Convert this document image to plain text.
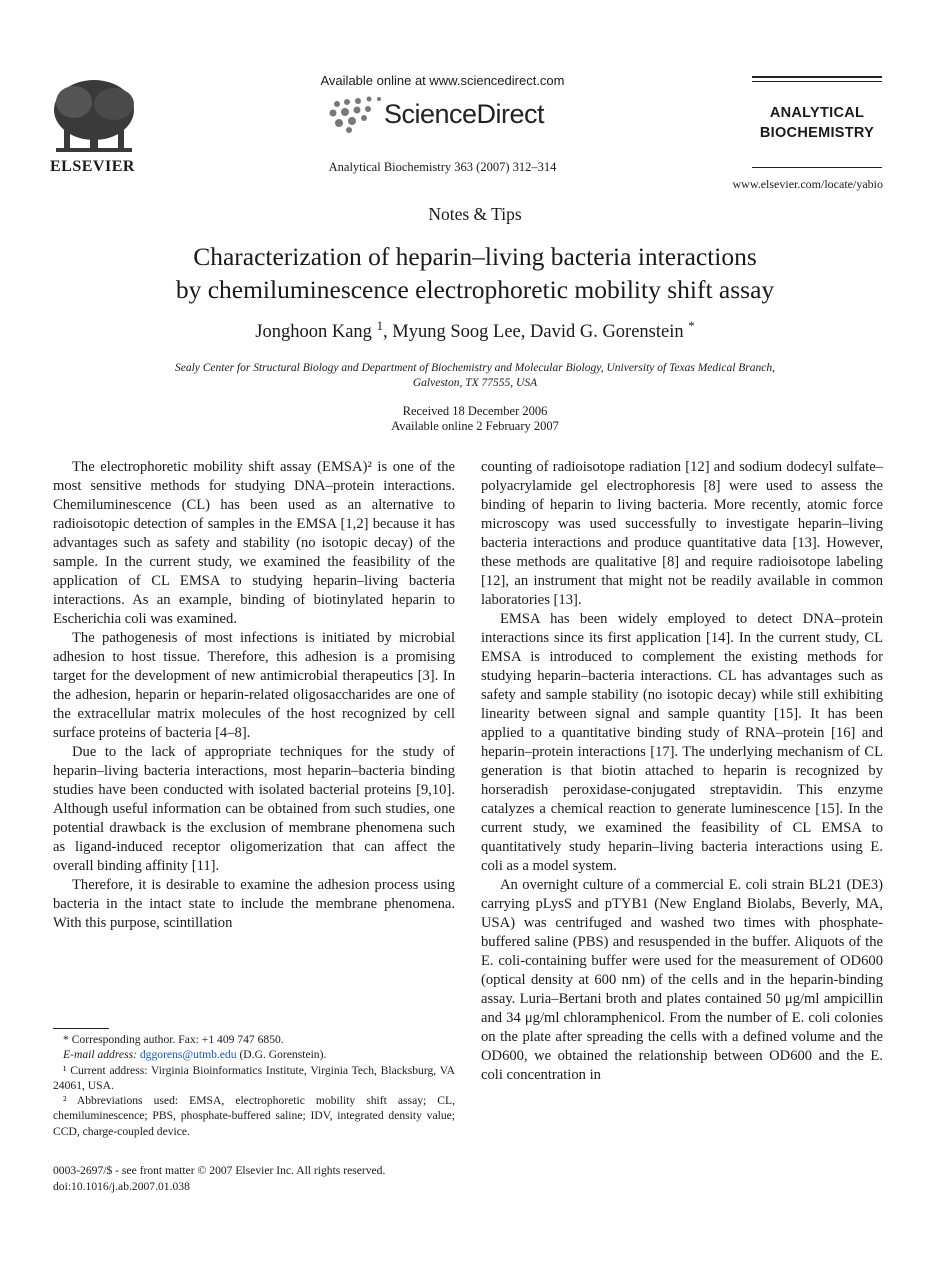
ELSEVIER
Available online at www.sciencedirect.com
ScienceDirect
Analytical Biochemistry 363 (2007) 312–314
ANALYTICAL
BIOCHEMISTRY
www.elsevier.com/locate/yabio
Notes & Tips
Characterization of heparin–living bacteria interactions
by chemiluminescence electrophoretic mobility shift assay
Jonghoon Kang $^1$, Myung Soog Lee, David G. Gorenstein *
Sealy Center for Structural Biology and Department of Biochemistry and Molecular Biology, University of Texas Medical Branch,
Galveston, TX 77555, USA
Received 18 December 2006
Available online 2 February 2007

The electrophoretic mobility shift assay (EMSA)² is one of the most sensitive methods for studying DNA–protein interactions. Chemiluminescence (CL) has been used as an alternative to radioisotopic detection of samples in the EMSA [1,2] because it has advantages such as safety and stability (no isotopic decay) of the sample. In the current study, we examined the feasibility of the application of CL EMSA to studying heparin–living bacteria interactions. As an example, binding of biotinylated heparin to Escherichia coli was examined.

The pathogenesis of most infections is initiated by microbial adhesion to host tissue. Therefore, this adhesion is a promising target for the development of new antimicrobial therapeutics [3]. In the adhesion, heparin or heparin-related oligosaccharides are one of the extracellular matrix molecules of the host recognized by cell surface proteins of bacteria [4–8].

Due to the lack of appropriate techniques for the study of heparin–living bacteria interactions, most heparin–bacteria binding studies have been conducted with isolated bacterial proteins [9,10]. Although useful information can be obtained from such studies, one potential drawback is the exclusion of membrane phenomena such as ligand-induced receptor oligomerization that can affect the overall binding affinity [11].

Therefore, it is desirable to examine the adhesion process using bacteria in the intact state to include the membrane phenomena. With this purpose, scintillation

counting of radioisotope radiation [12] and sodium dodecyl sulfate–polyacrylamide gel electrophoresis [8] were used to assess the binding of heparin to living bacteria. More recently, atomic force microscopy was used successfully to investigate heparin–living bacteria interactions and produce quantitative data [13]. However, these methods are qualitative [8] and require radioisotope labeling [12], an instrument that might not be readily available in common laboratories [13].

EMSA has been widely employed to detect DNA–protein interactions since its first application [14]. In the current study, CL EMSA is introduced to complement the existing methods for studying heparin–bacteria interactions. CL has advantages such as safety and sample stability (no isotopic decay) while still exhibiting linearity between signal and sample quantity [15]. It has been applied to a quantitative binding study of RNA–protein [16] and heparin–protein interactions [17]. The underlying mechanism of CL generation is that biotin attached to heparin is recognized by horseradish peroxidase-conjugated streptavidin. This enzyme catalyzes a chemical reaction to generate luminescence [15]. In the current study, we examined the feasibility of CL EMSA to quantitatively study heparin–living bacteria interactions using E. coli as a model system.

An overnight culture of a commercial E. coli strain BL21 (DE3) carrying pLysS and pTYB1 (New England Biolabs, Beverly, MA, USA) was centrifuged and washed two times with phosphate-buffered saline (PBS) and resuspended in the buffer. Aliquots of the E. coli-containing buffer were used for the measurement of OD600 (optical density at 600 nm) of the cells and in the heparin-binding assay. Luria–Bertani broth and plates contained 50 μg/ml ampicillin and 34 μg/ml chloramphenicol. From the number of E. coli colonies on the plate after spreading the cells with a defined volume and the OD600, we obtained the relationship between OD600 and the E. coli concentration in

* Corresponding author. Fax: +1 409 747 6850.

E-mail address: dggorens@utmb.edu (D.G. Gorenstein).

¹ Current address: Virginia Bioinformatics Institute, Virginia Tech, Blacksburg, VA 24061, USA.

² Abbreviations used: EMSA, electrophoretic mobility shift assay; CL, chemiluminescence; PBS, phosphate-buffered saline; IDV, integrated density value; CCD, charge-coupled device.

0003-2697/$ - see front matter © 2007 Elsevier Inc. All rights reserved.
doi:10.1016/j.ab.2007.01.038
